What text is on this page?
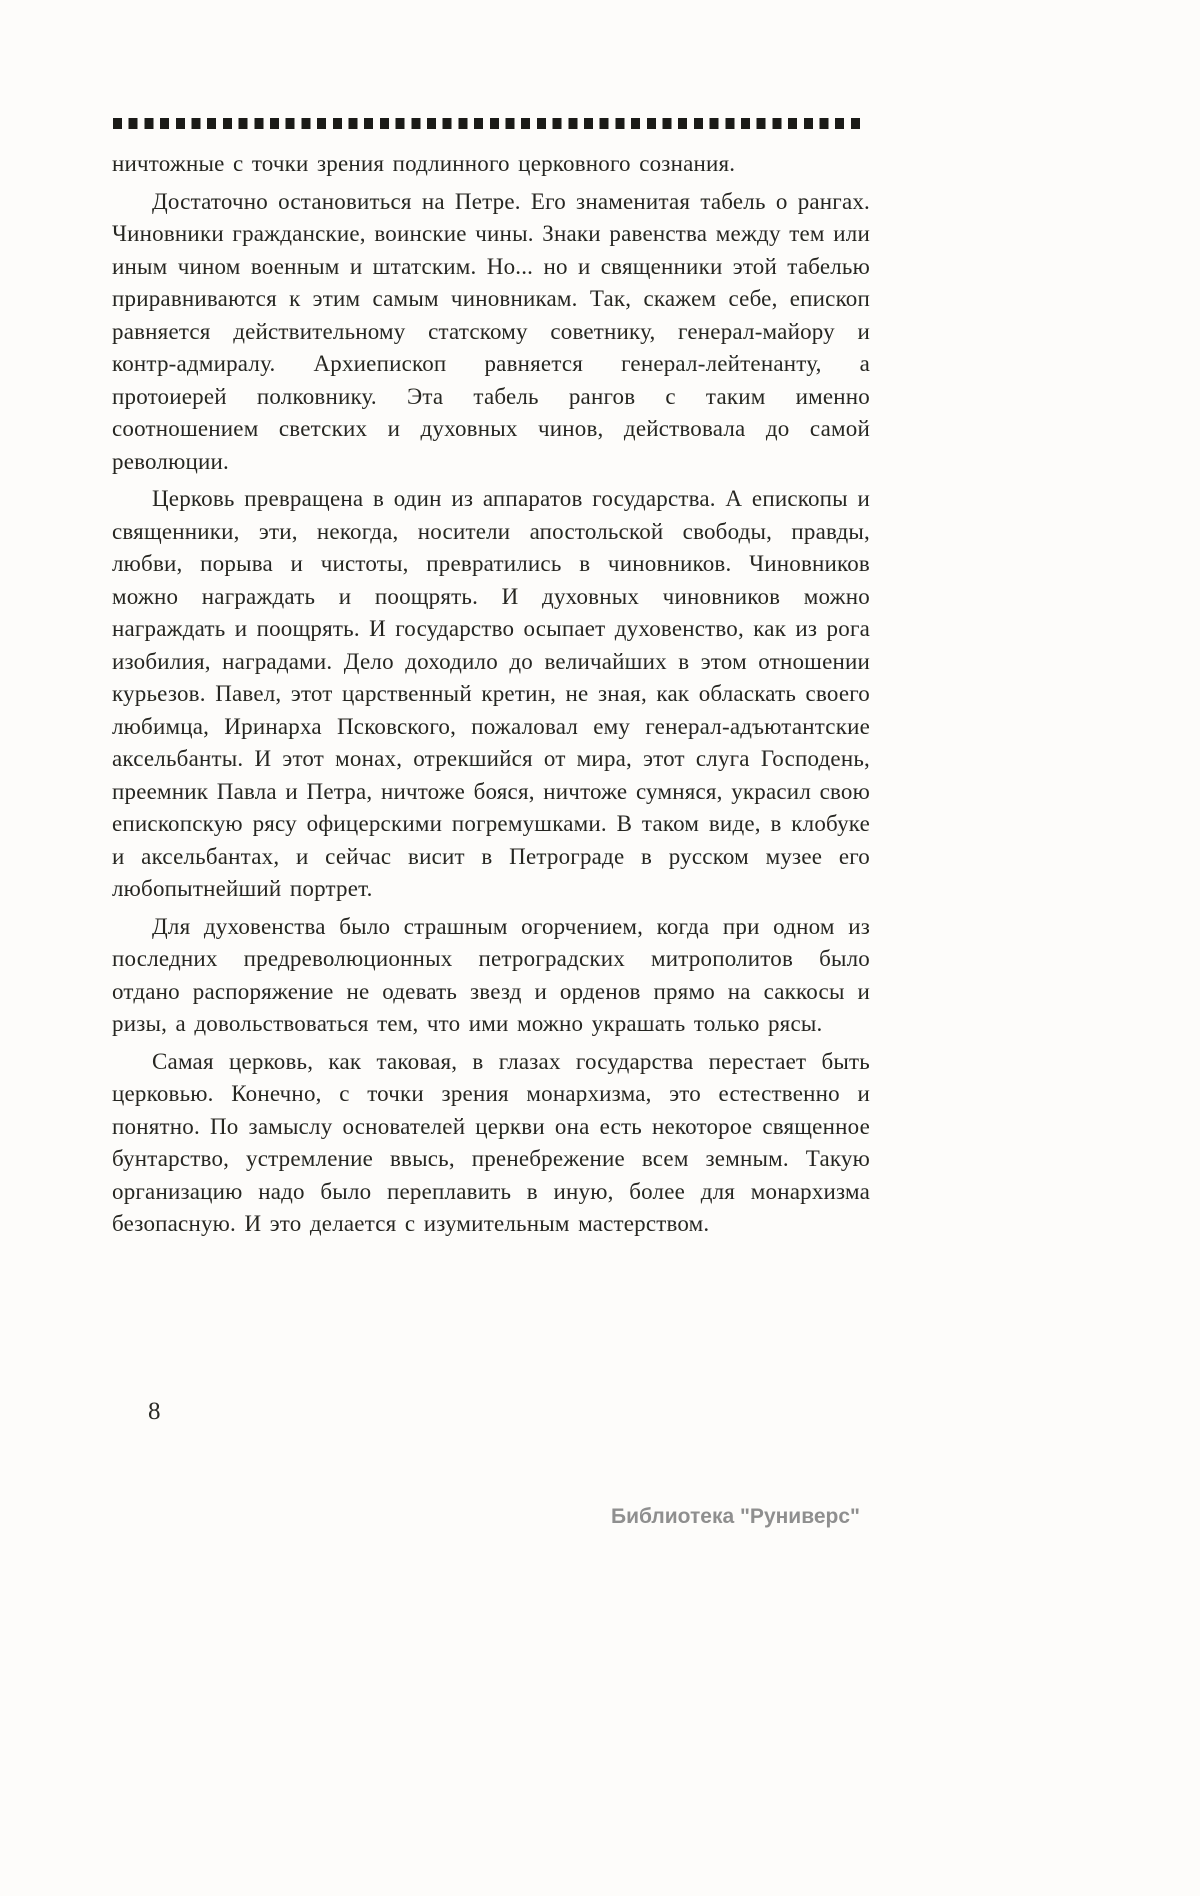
ничтожные с точки зрения подлинного церковного сознания.

Достаточно остановиться на Петре. Его знаменитая табель о рангах. Чиновники гражданские, воинские чины. Знаки равенства между тем или иным чином военным и штатским. Но... но и священники этой табелью приравниваются к этим самым чиновникам. Так, скажем себе, епископ равняется действительному статскому советнику, генерал-майору и контр-адмиралу. Архиепископ равняется генерал-лейтенанту, а протоиерей полковнику. Эта табель рангов с таким именно соотношением светских и духовных чинов, действовала до самой революции.

Церковь превращена в один из аппаратов государства. А епископы и священники, эти, некогда, носители апостольской свободы, правды, любви, порыва и чистоты, превратились в чиновников. Чиновников можно награждать и поощрять. И духовных чиновников можно награждать и поощрять. И государство осыпает духовенство, как из рога изобилия, наградами. Дело доходило до величайших в этом отношении курьезов. Павел, этот царственный кретин, не зная, как обласкать своего любимца, Иринарха Псковского, пожаловал ему генерал-адъютантские аксельбанты. И этот монах, отрекшийся от мира, этот слуга Господень, преемник Павла и Петра, ничтоже бояся, ничтоже сумняся, украсил свою епископскую рясу офицерскими погремушками. В таком виде, в клобуке и аксельбантах, и сейчас висит в Петрограде в русском музее его любопытнейший портрет.

Для духовенства было страшным огорчением, когда при одном из последних предреволюционных петроградских митрополитов было отдано распоряжение не одевать звезд и орденов прямо на саккосы и ризы, а довольствоваться тем, что ими можно украшать только рясы.

Самая церковь, как таковая, в глазах государства перестает быть церковью. Конечно, с точки зрения монархизма, это естественно и понятно. По замыслу основателей церкви она есть некоторое священное бунтарство, устремление ввысь, пренебрежение всем земным. Такую организацию надо было переплавить в иную, более для монархизма безопасную. И это делается с изумительным мастерством.

8
Библиотека "Руниверс"
